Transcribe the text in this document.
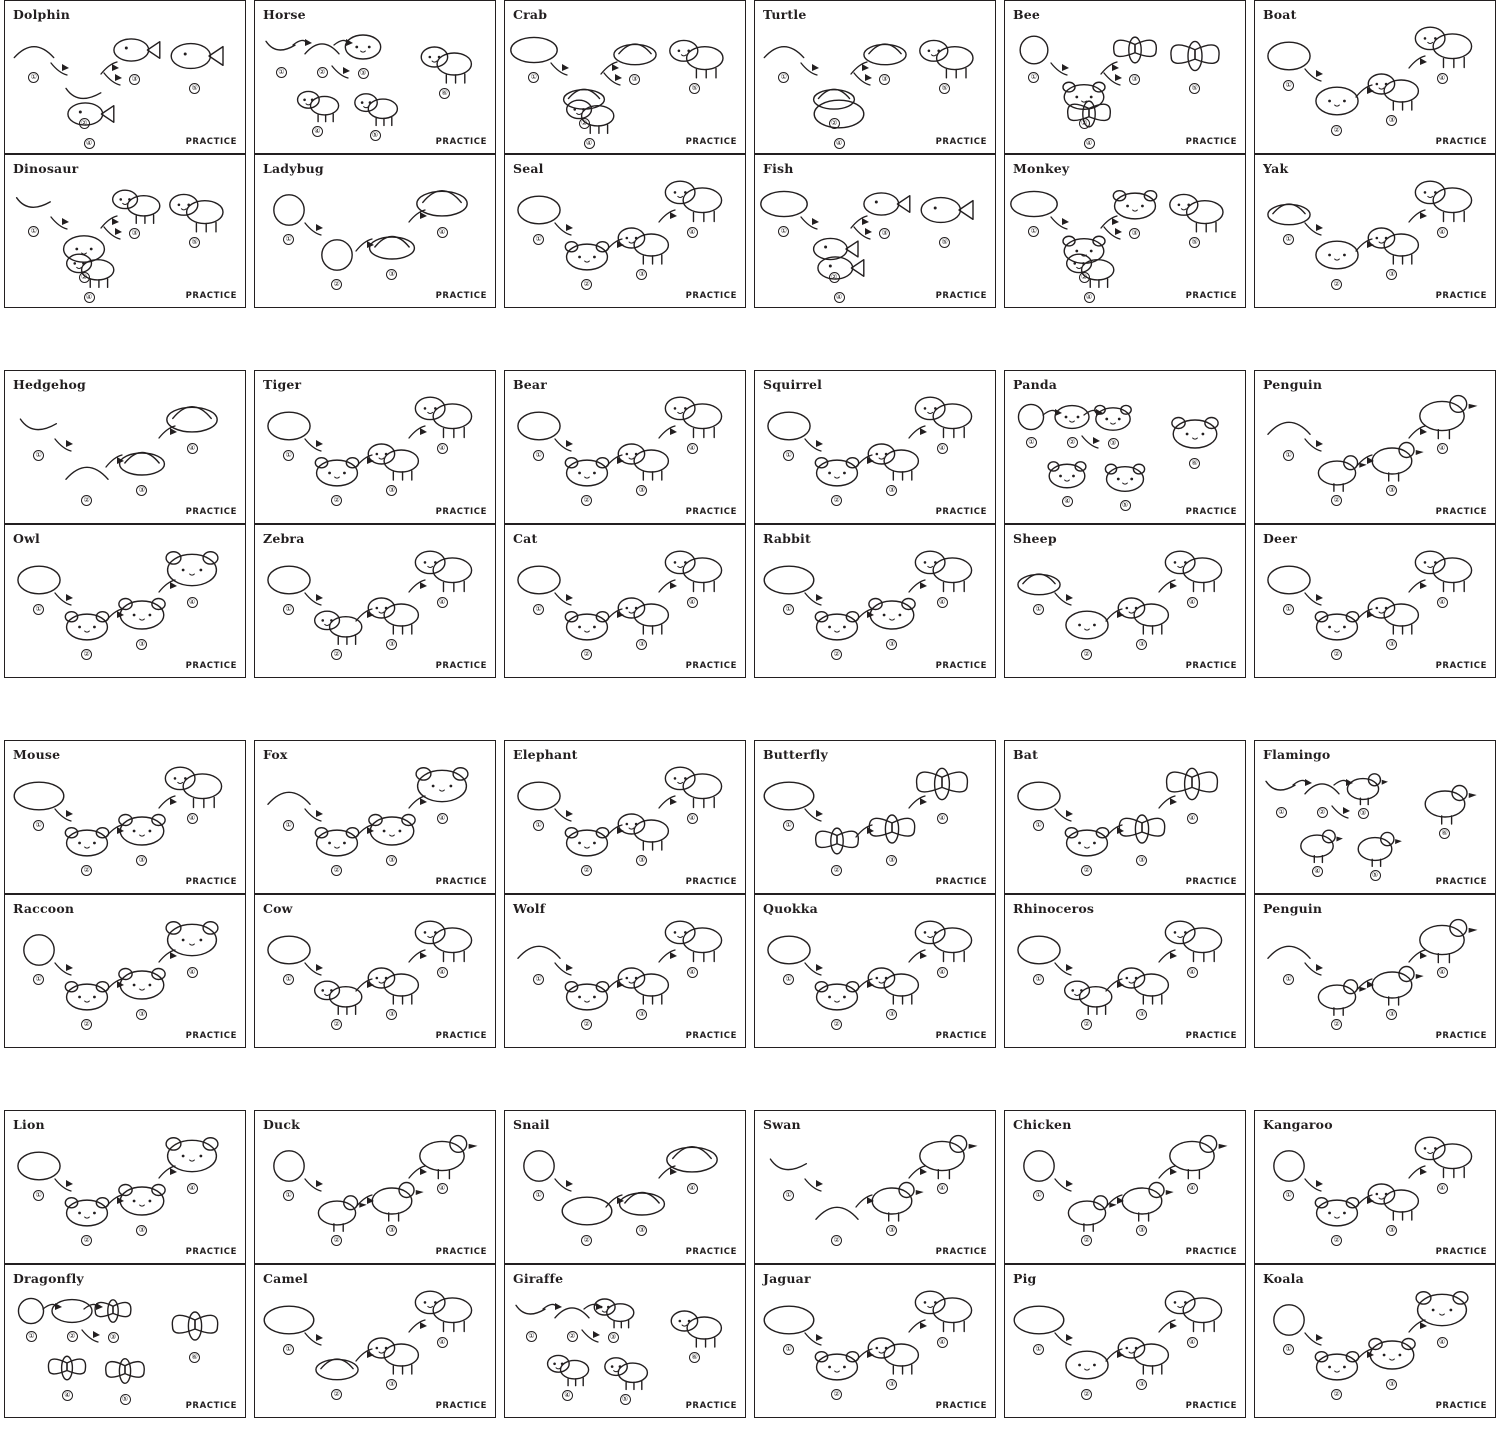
Dolphin
①
②
③
④
⑤
PRACTICE
Dinosaur
①
②
③
④
⑤
PRACTICE
Horse
①	②	③
④
⑤
⑥
PRACTICE
Ladybug
①
②
③
④
PRACTICE
Crab
①
②
③
④
⑤
PRACTICE
Seal
①
②
③
④
PRACTICE
Turtle
①
②
③
④
⑤
PRACTICE
Fish
①
②
③
④
⑤
PRACTICE
Bee
①
②
③
④
⑤
PRACTICE
Monkey
①
②
③
④
⑤
PRACTICE
Boat
①
②
③
④
PRACTICE
Yak
①
②
③
④
PRACTICE
Hedgehog
①
②
③
④
PRACTICE
Owl
①
②
③
④
PRACTICE
Tiger
①
②
③
④
PRACTICE
Zebra
①
②
③
④
PRACTICE
Bear
①
②
③
④
PRACTICE
Cat
①
②
③
④
PRACTICE
Squirrel
①
②
③
④
PRACTICE
Rabbit
①
②
③
④
PRACTICE
Panda
①	②	③
④
⑤
⑥
PRACTICE
Sheep
①
②
③
④
PRACTICE
Penguin
①
②
③
④
PRACTICE
Deer
①
②
③
④
PRACTICE
Mouse
①
②
③
④
PRACTICE
Raccoon
①
②
③
④
PRACTICE
Fox
①
②
③
④
PRACTICE
Cow
①
②
③
④
PRACTICE
Elephant
①
②
③
④
PRACTICE
Wolf
①
②
③
④
PRACTICE
Butterfly
①
②
③
④
PRACTICE
Quokka
①
②
③
④
PRACTICE
Bat
①
②
③
④
PRACTICE
Rhinoceros
①
②
③
④
PRACTICE
Flamingo
①	②	③
④
⑤
⑥
PRACTICE
Penguin
①
②
③
④
PRACTICE
Lion
①
②
③
④
PRACTICE
Dragonfly
①	②	③
④
⑤
⑥
PRACTICE
Duck
①
②
③
④
PRACTICE
Camel
①
②
③
④
PRACTICE
Snail
①
②
③
④
PRACTICE
Giraffe
①	②	③
④
⑤
⑥
PRACTICE
Swan
①
②
③
④
PRACTICE
Jaguar
①
②
③
④
PRACTICE
Chicken
①
②
③
④
PRACTICE
Pig
①
②
③
④
PRACTICE
Kangaroo
①
②
③
④
PRACTICE
Koala
①
②
③
④
PRACTICE
